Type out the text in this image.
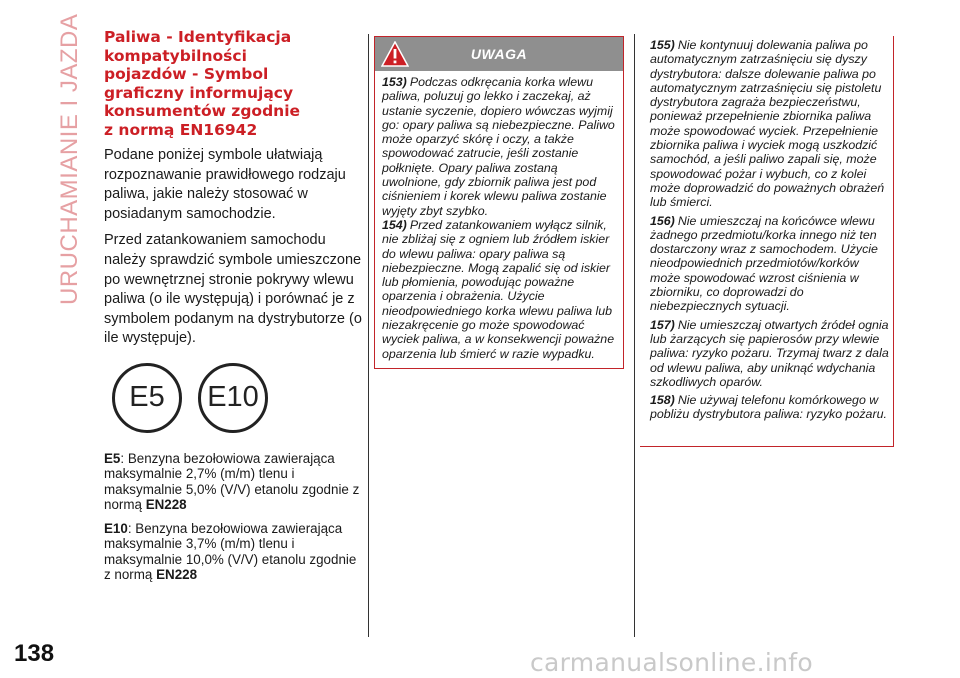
URUCHAMIANIE I JAZDA	Paliwa - Identyfikacja
kompatybilności
pojazdów - Symbol
graficzny informujący
konsumentów zgodnie
z normą EN16942

Podane poniżej symbole ułatwiają rozpoznawanie prawidłowego rodzaju paliwa, jakie należy stosować w posiadanym samochodzie.

Przed zatankowaniem samochodu należy sprawdzić symbole umieszczone po wewnętrznej stronie pokrywy wlewu paliwa (o ile występują) i porównać je z symbolem podanym na dystrybutorze (o ile występuje).

E5	E10

E5: Benzyna bezołowiowa zawierająca maksymalnie 2,7% (m/m) tlenu i maksymalnie 5,0% (V/V) etanolu zgodnie z normą EN228

E10: Benzyna bezołowiowa zawierająca maksymalnie 3,7% (m/m) tlenu i maksymalnie 10,0% (V/V) etanolu zgodnie z normą EN228

UWAGA

153) Podczas odkręcania korka wlewu paliwa, poluzuj go lekko i zaczekaj, aż ustanie syczenie, dopiero wówczas wyjmij go: opary paliwa są niebezpieczne. Paliwo może oparzyć skórę i oczy, a także spowodować zatrucie, jeśli zostanie połknięte. Opary paliwa zostaną uwolnione, gdy zbiornik paliwa jest pod ciśnieniem i korek wlewu paliwa zostanie wyjęty zbyt szybko.

154) Przed zatankowaniem wyłącz silnik, nie zbliżaj się z ogniem lub źródłem iskier do wlewu paliwa: opary paliwa są niebezpieczne. Mogą zapalić się od iskier lub płomienia, powodując poważne oparzenia i obrażenia. Użycie nieodpowiedniego korka wlewu paliwa lub niezakręcenie go może spowodować wyciek paliwa, a w konsekwencji poważne oparzenia lub śmierć w razie wypadku.

155) Nie kontynuuj dolewania paliwa po automatycznym zatrzaśnięciu się dyszy dystrybutora: dalsze dolewanie paliwa po automatycznym zatrzaśnięciu się pistoletu dystrybutora zagraża bezpieczeństwu, ponieważ przepełnienie zbiornika paliwa może spowodować wyciek. Przepełnienie zbiornika paliwa i wyciek mogą uszkodzić samochód, a jeśli paliwo zapali się, może spowodować pożar i wybuch, co z kolei może doprowadzić do poważnych obrażeń lub śmierci.

156) Nie umieszczaj na końcówce wlewu żadnego przedmiotu/korka innego niż ten dostarczony wraz z samochodem. Użycie nieodpowiednich przedmiotów/korków może spowodować wzrost ciśnienia w zbiorniku, co doprowadzi do niebezpiecznych sytuacji.

157) Nie umieszczaj otwartych źródeł ognia lub żarzących się papierosów przy wlewie paliwa: ryzyko pożaru. Trzymaj twarz z dala od wlewu paliwa, aby uniknąć wdychania szkodliwych oparów.

158) Nie używaj telefonu komórkowego w pobliżu dystrybutora paliwa: ryzyko pożaru.

138	carmanualsonline.info
